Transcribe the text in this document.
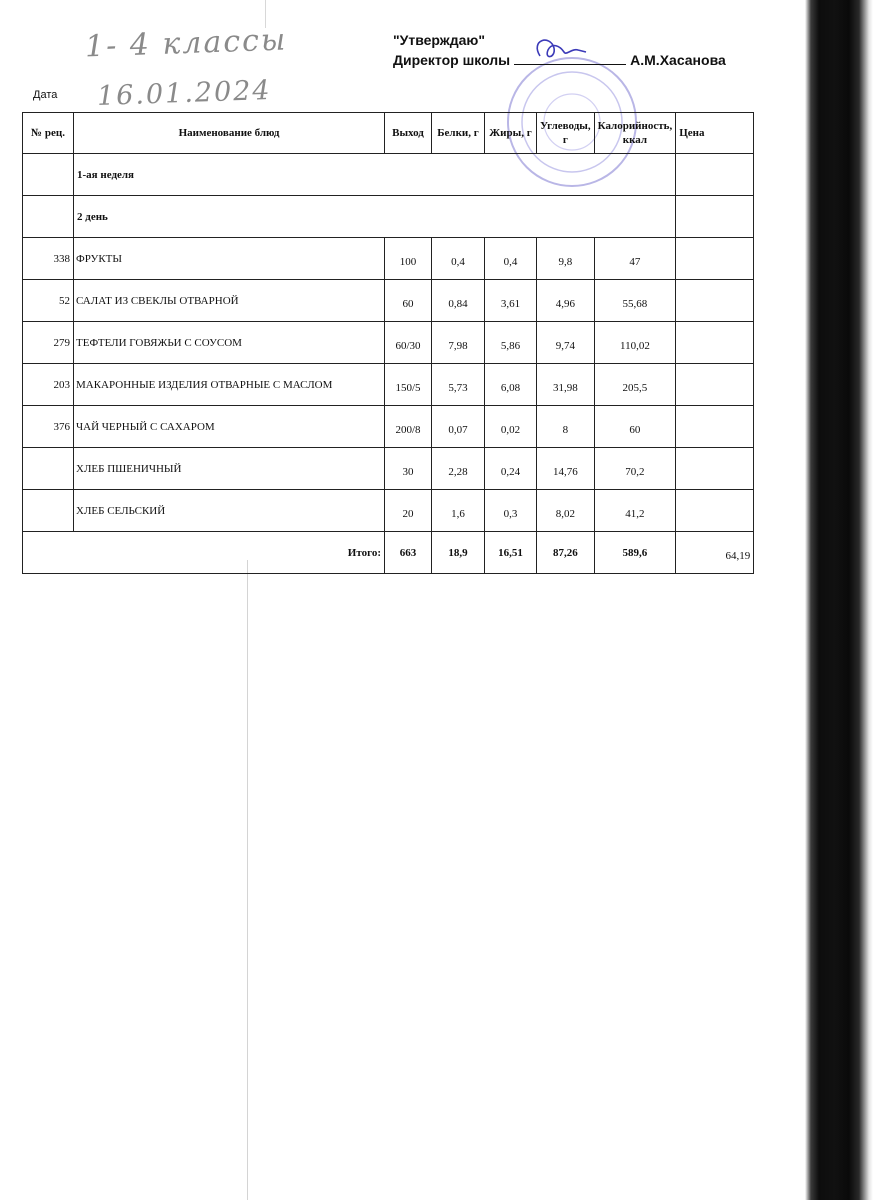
1- 4 классы
Дата 16.01.2024
"Утверждаю"
Директор школы	А.М.Хасанова
№ рец.	Наименование блюд	Выход	Белки, г	Жиры, г	Углеводы, г	Калорийность, ккал	Цена
	1-ая неделя						
	2 день						
338	ФРУКТЫ	100	0,4	0,4	9,8	47	
52	САЛАТ ИЗ СВЕКЛЫ ОТВАРНОЙ	60	0,84	3,61	4,96	55,68	
279	ТЕФТЕЛИ ГОВЯЖЬИ С СОУСОМ	60/30	7,98	5,86	9,74	110,02	
203	МАКАРОННЫЕ ИЗДЕЛИЯ ОТВАРНЫЕ С МАСЛОМ	150/5	5,73	6,08	31,98	205,5	
376	ЧАЙ ЧЕРНЫЙ С САХАРОМ	200/8	0,07	0,02	8	60	
	ХЛЕБ ПШЕНИЧНЫЙ	30	2,28	0,24	14,76	70,2	
	ХЛЕБ СЕЛЬСКИЙ	20	1,6	0,3	8,02	41,2	
Итого:		663	18,9	16,51	87,26	589,6	64,19
